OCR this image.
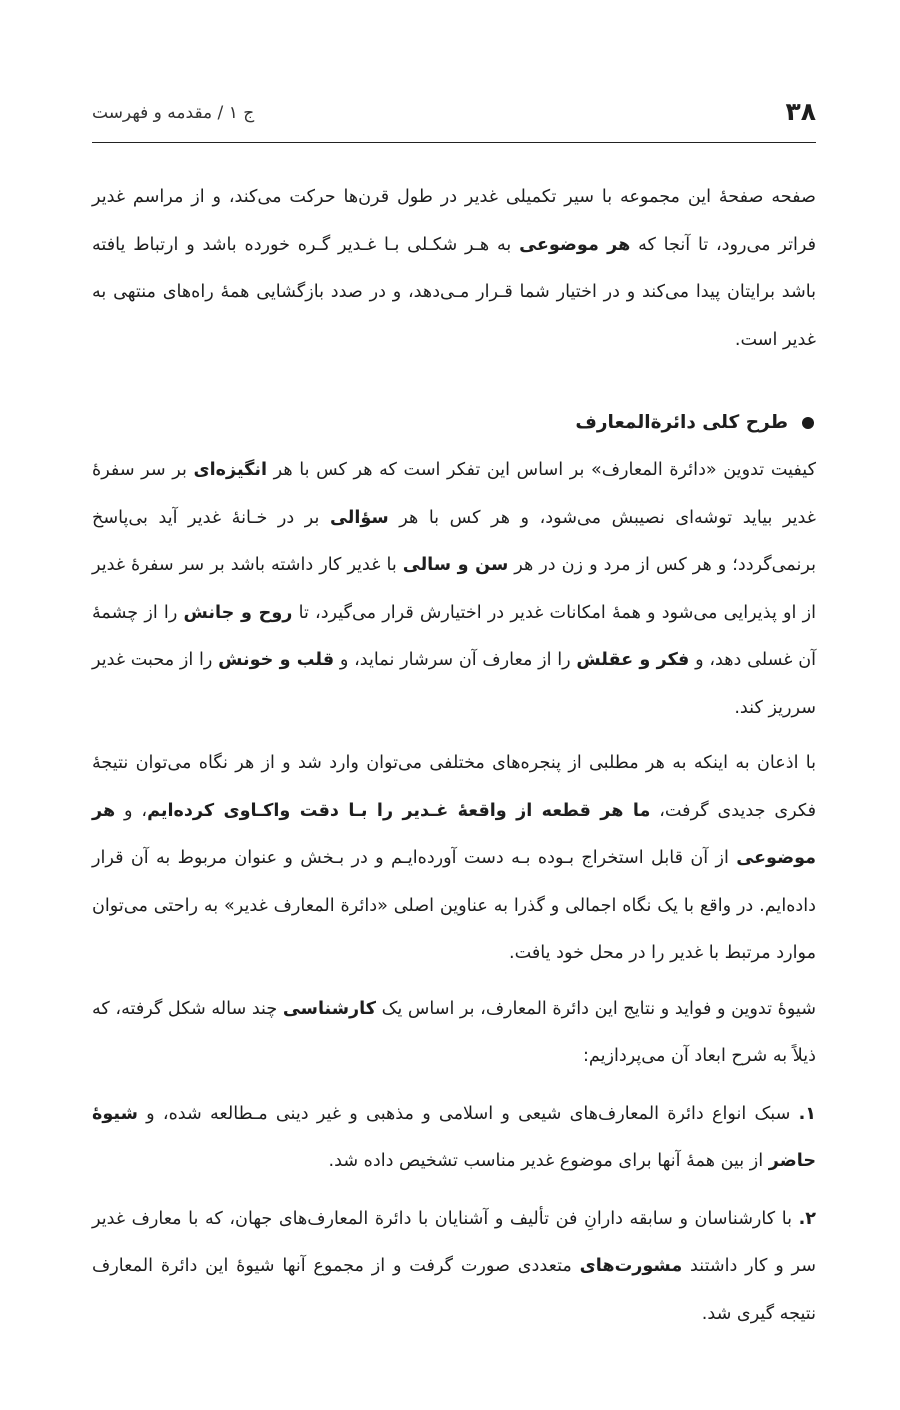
۳۸
ج ۱ / مقدمه و فهرست

صفحه صفحهٔ این مجموعه با سیر تکمیلی غدیر در طول قرن‌ها حرکت می‌کند، و از مراسم غدیر فراتر می‌رود، تا آنجا که هر موضوعی به هـر شکـلی بـا غـدیر گـره خورده باشد و ارتباط یافته باشد برایتان پیدا می‌کند و در اختیار شما قـرار مـی‌دهد، و در صدد بازگشایی همهٔ راه‌های منتهی به غدیر است.

طرح کلی دائرةالمعارف

کیفیت تدوین «دائرة المعارف» بر اساس این تفکر است که هر کس با هر انگیزه‌ای بر سر سفرهٔ غدیر بیاید توشه‌ای نصیبش می‌شود، و هر کس با هر سؤالی بر در خـانهٔ غدیر آید بی‌پاسخ برنمی‌گردد؛ و هر کس از مرد و زن در هر سن و سالی با غدیر کار داشته باشد بر سر سفرهٔ غدیر از او پذیرایی می‌شود و همهٔ امکانات غدیر در اختیارش قرار می‌گیرد، تا روح و جانش را از چشمهٔ آن غسلی دهد، و فکر و عقلش را از معارف آن سرشار نماید، و قلب و خونش را از محبت غدیر سرریز کند.

با اذعان به اینکه به هر مطلبی از پنجره‌های مختلفی می‌توان وارد شد و از هر نگاه می‌توان نتیجهٔ فکری جدیدی گرفت، ما هر قطعه از واقعهٔ غـدیر را بـا دقت واکـاوی کرده‌ایم، و هر موضوعی از آن قابل استخراج بـوده بـه دست آورده‌ایـم و در بـخش و عنوان مربوط به آن قرار داده‌ایم. در واقع با یک نگاه اجمالی و گذرا به عناوین اصلی «دائرة المعارف غدیر» به راحتی می‌توان موارد مرتبط با غدیر را در محل خود یافت.

شیوهٔ تدوین و فواید و نتایج این دائرة المعارف، بر اساس یک کارشناسی چند ساله شکل گرفته، که ذیلاً به شرح ابعاد آن می‌پردازیم:

۱. سبک انواع دائرة المعارف‌های شیعی و اسلامی و مذهبی و غیر دینی مـطالعه شده، و شیوهٔ حاضر از بین همهٔ آنها برای موضوع غدیر مناسب تشخیص داده شد.

۲. با کارشناسان و سابقه دارانِ فن تألیف و آشنایان با دائرة المعارف‌های جهان، که با معارف غدیر سر و کار داشتند مشورت‌های متعددی صورت گرفت و از مجموع آنها شیوهٔ این دائرة المعارف نتیجه گیری شد.
